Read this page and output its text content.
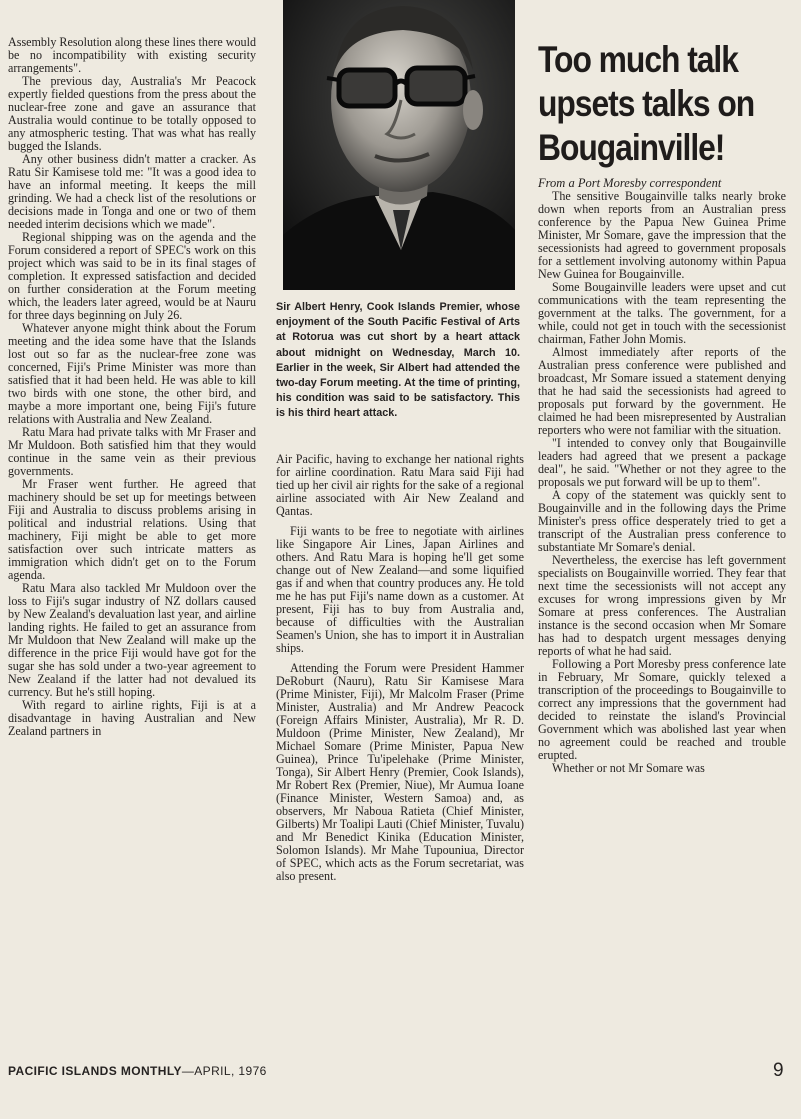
Assembly Resolution along these lines there would be no incompatibility with existing security arrangements".

The previous day, Australia's Mr Peacock expertly fielded questions from the press about the nuclear-free zone and gave an assurance that Australia would continue to be totally opposed to any atmospheric testing. That was what has really bugged the Islands.

Any other business didn't matter a cracker. As Ratu Sir Kamisese told me: "It was a good idea to have an informal meeting. It keeps the mill grinding. We had a check list of the resolutions or decisions made in Tonga and one or two of them needed interim decisions which we made".

Regional shipping was on the agenda and the Forum considered a report of SPEC's work on this project which was said to be in its final stages of completion. It expressed satisfaction and decided on further consideration at the Forum meeting which, the leaders later agreed, would be at Nauru for three days beginning on July 26.

Whatever anyone might think about the Forum meeting and the idea some have that the Islands lost out so far as the nuclear-free zone was concerned, Fiji's Prime Minister was more than satisfied that it had been held. He was able to kill two birds with one stone, the other bird, and maybe a more important one, being Fiji's future relations with Australia and New Zealand.

Ratu Mara had private talks with Mr Fraser and Mr Muldoon. Both satisfied him that they would continue in the same vein as their previous governments.

Mr Fraser went further. He agreed that machinery should be set up for meetings between Fiji and Australia to discuss problems arising in political and industrial relations. Using that machinery, Fiji might be able to get more satisfaction over such intricate matters as immigration which didn't get on to the Forum agenda.

Ratu Mara also tackled Mr Muldoon over the loss to Fiji's sugar industry of NZ dollars caused by New Zealand's devaluation last year, and airline landing rights. He failed to get an assurance from Mr Muldoon that New Zealand will make up the difference in the price Fiji would have got for the sugar she has sold under a two-year agreement to New Zealand if the latter had not devalued its currency. But he's still hoping.

With regard to airline rights, Fiji is at a disadvantage in having Australian and New Zealand partners in

Sir Albert Henry, Cook Islands Premier, whose enjoyment of the South Pacific Festival of Arts at Rotorua was cut short by a heart attack about midnight on Wednesday, March 10. Earlier in the week, Sir Albert had attended the two-day Forum meeting. At the time of printing, his condition was said to be satisfactory. This is his third heart attack.

Air Pacific, having to exchange her national rights for airline coordination. Ratu Mara said Fiji had tied up her civil air rights for the sake of a regional airline associated with Air New Zealand and Qantas.

Fiji wants to be free to negotiate with airlines like Singapore Air Lines, Japan Airlines and others. And Ratu Mara is hoping he'll get some change out of New Zealand—and some liquified gas if and when that country produces any. He told me he has put Fiji's name down as a customer. At present, Fiji has to buy from Australia and, because of difficulties with the Australian Seamen's Union, she has to import it in Australian ships.

Attending the Forum were President Hammer DeRoburt (Nauru), Ratu Sir Kamisese Mara (Prime Minister, Fiji), Mr Malcolm Fraser (Prime Minister, Australia) and Mr Andrew Peacock (Foreign Affairs Minister, Australia), Mr R. D. Muldoon (Prime Minister, New Zealand), Mr Michael Somare (Prime Minister, Papua New Guinea), Prince Tu'ipelehake (Prime Minister, Tonga), Sir Albert Henry (Premier, Cook Islands), Mr Robert Rex (Premier, Niue), Mr Aumua Ioane (Finance Minister, Western Samoa) and, as observers, Mr Naboua Ratieta (Chief Minister, Gilberts) Mr Toalipi Lauti (Chief Minister, Tuvalu) and Mr Benedict Kinika (Education Minister, Solomon Islands). Mr Mahe Tupouniua, Director of SPEC, which acts as the Forum secretariat, was also present.

Too much talk upsets talks on Bougainville!
From a Port Moresby correspondent

The sensitive Bougainville talks nearly broke down when reports from an Australian press conference by the Papua New Guinea Prime Minister, Mr Somare, gave the impression that the secessionists had agreed to government proposals for a settlement involving autonomy within Papua New Guinea for Bougainville.

Some Bougainville leaders were upset and cut communications with the team representing the government at the talks. The government, for a while, could not get in touch with the secessionist chairman, Father John Momis.

Almost immediately after reports of the Australian press conference were published and broadcast, Mr Somare issued a statement denying that he had said the secessionists had agreed to proposals put forward by the government. He claimed he had been misrepresented by Australian reporters who were not familiar with the situation.

"I intended to convey only that Bougainville leaders had agreed that we present a package deal", he said. "Whether or not they agree to the proposals we put forward will be up to them".

A copy of the statement was quickly sent to Bougainville and in the following days the Prime Minister's press office desperately tried to get a transcript of the Australian press conference to substantiate Mr Somare's denial.

Nevertheless, the exercise has left government specialists on Bougainville worried. They fear that next time the secessionists will not accept any excuses for wrong impressions given by Mr Somare at press conferences. The Australian instance is the second occasion when Mr Somare has had to despatch urgent messages denying reports of what he had said.

Following a Port Moresby press conference late in February, Mr Somare, quickly telexed a transcription of the proceedings to Bougainville to correct any impressions that the government had decided to reinstate the island's Provincial Government which was abolished last year when no agreement could be reached and trouble erupted.

Whether or not Mr Somare was

PACIFIC ISLANDS MONTHLY—APRIL, 1976	9
